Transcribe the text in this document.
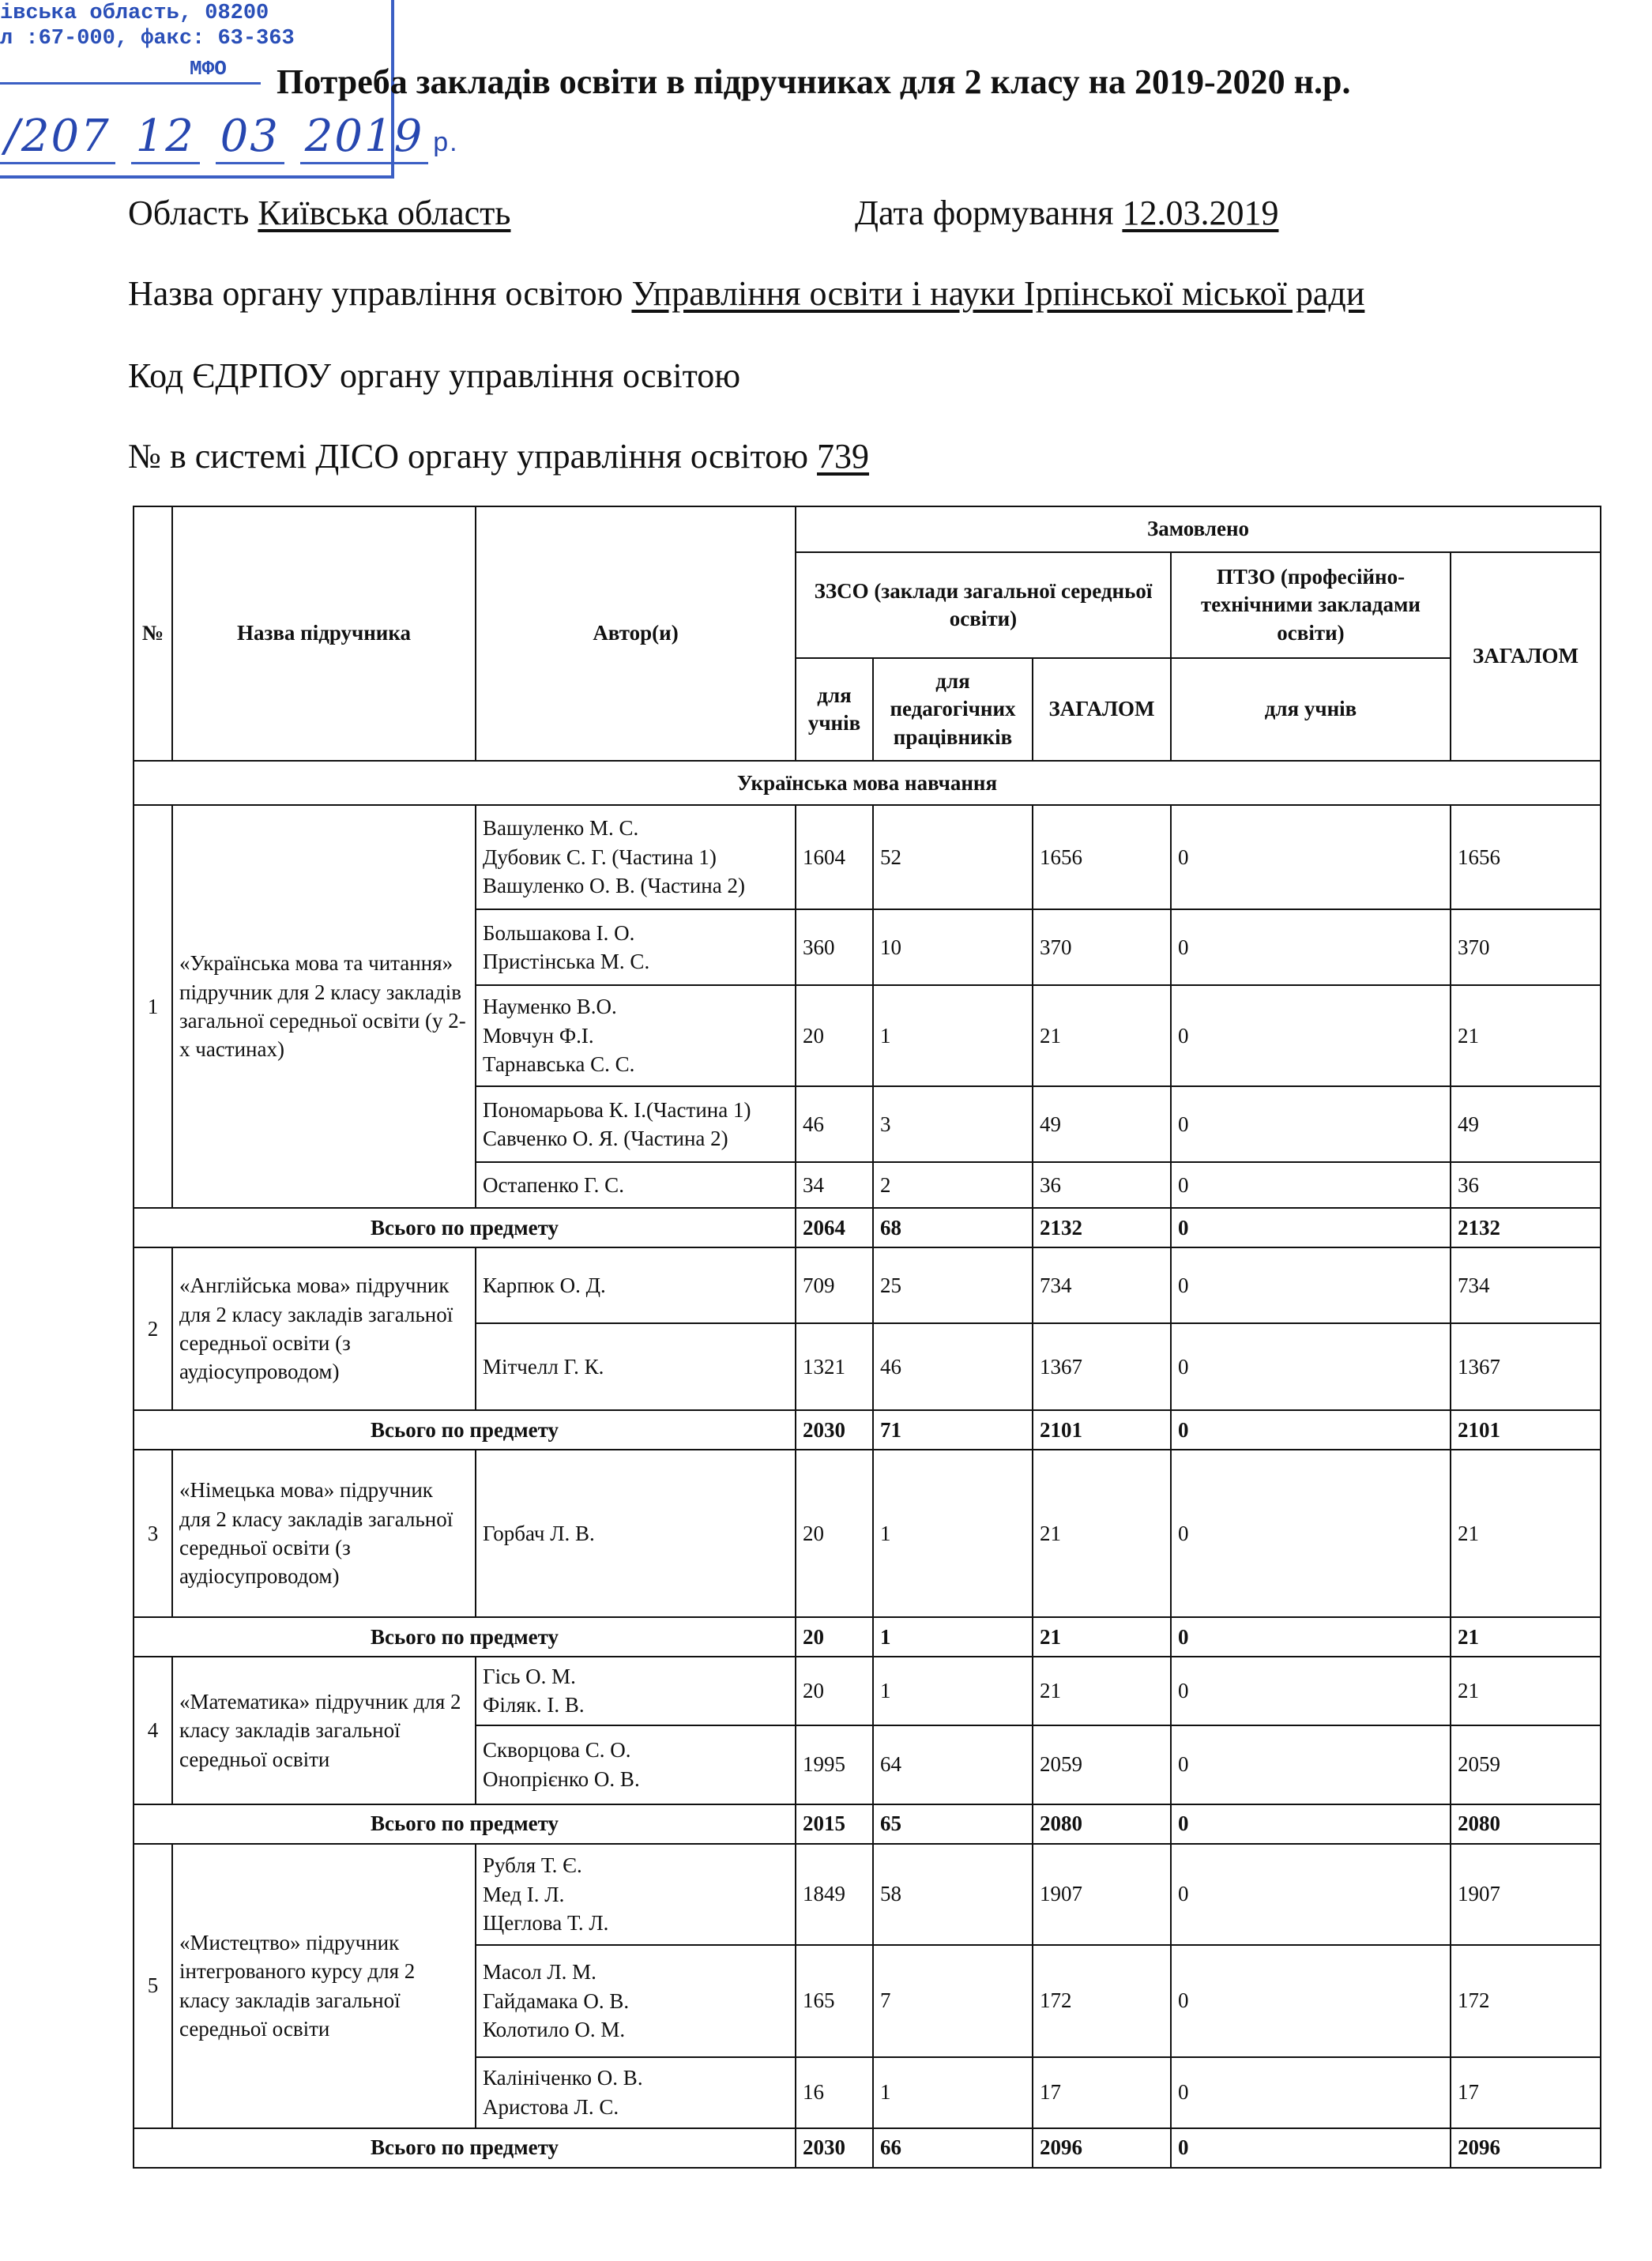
івська область, 08200
л :67-000, факс: 63-363
МФО
/207 12 03 2019 р.
Потреба закладів освіти в підручниках для 2 класу на 2019-2020 н.р.
Область Київська область	Дата формування 12.03.2019
Назва органу управління освітою Управління освіти і науки Ірпінської міської ради
Код ЄДРПОУ органу управління освітою
№ в системі ДІСО органу управління освітою 739
№	Назва підручника	Автор(и)	Замовлено				
			ЗЗСО (заклади загальної середньої освіти)			ПТЗО (професійно-технічними закладами освіти)	ЗАГАЛОМ
			для учнів	для педагогічних працівників	ЗАГАЛОМ	для учнів	
Українська мова навчання							
1	«Українська мова та читання» підручник для 2 класу закладів загальної середньої освіти (у 2-х частинах)	Вашуленко М. С.
Дубовик С. Г. (Частина 1)
Вашуленко О. В. (Частина 2)	1604	52	1656	0	1656
		Большакова І. О.
Пристінська М. С.	360	10	370	0	370
		Науменко В.О.
Мовчун Ф.І.
Тарнавська С. С.	20	1	21	0	21
		Пономарьова К. І.(Частина 1)
Савченко О. Я. (Частина 2)	46	3	49	0	49
		Остапенко Г. С.	34	2	36	0	36
Всього по предмету			2064	68	2132	0	2132
2	«Англійська мова» підручник для 2 класу закладів загальної середньої освіти (з аудіосупроводом)	Карпюк О. Д.	709	25	734	0	734
		Мітчелл Г. К.	1321	46	1367	0	1367
Всього по предмету			2030	71	2101	0	2101
3	«Німецька мова» підручник для 2 класу закладів загальної середньої освіти (з аудіосупроводом)	Горбач Л. В.	20	1	21	0	21
Всього по предмету			20	1	21	0	21
4	«Математика» підручник для 2 класу закладів загальної середньої освіти	Гісь О. М.
Філяк. І. В.	20	1	21	0	21
		Скворцова С. О.
Онопрієнко О. В.	1995	64	2059	0	2059
Всього по предмету			2015	65	2080	0	2080
5	«Мистецтво» підручник інтегрованого курсу для 2 класу закладів загальної середньої освіти	Рубля Т. Є.
Мед І. Л.
Щеглова Т. Л.	1849	58	1907	0	1907
		Масол Л. М.
Гайдамака О. В.
Колотило О. М.	165	7	172	0	172
		Калініченко О. В.
Аристова Л. С.	16	1	17	0	17
Всього по предмету			2030	66	2096	0	2096
